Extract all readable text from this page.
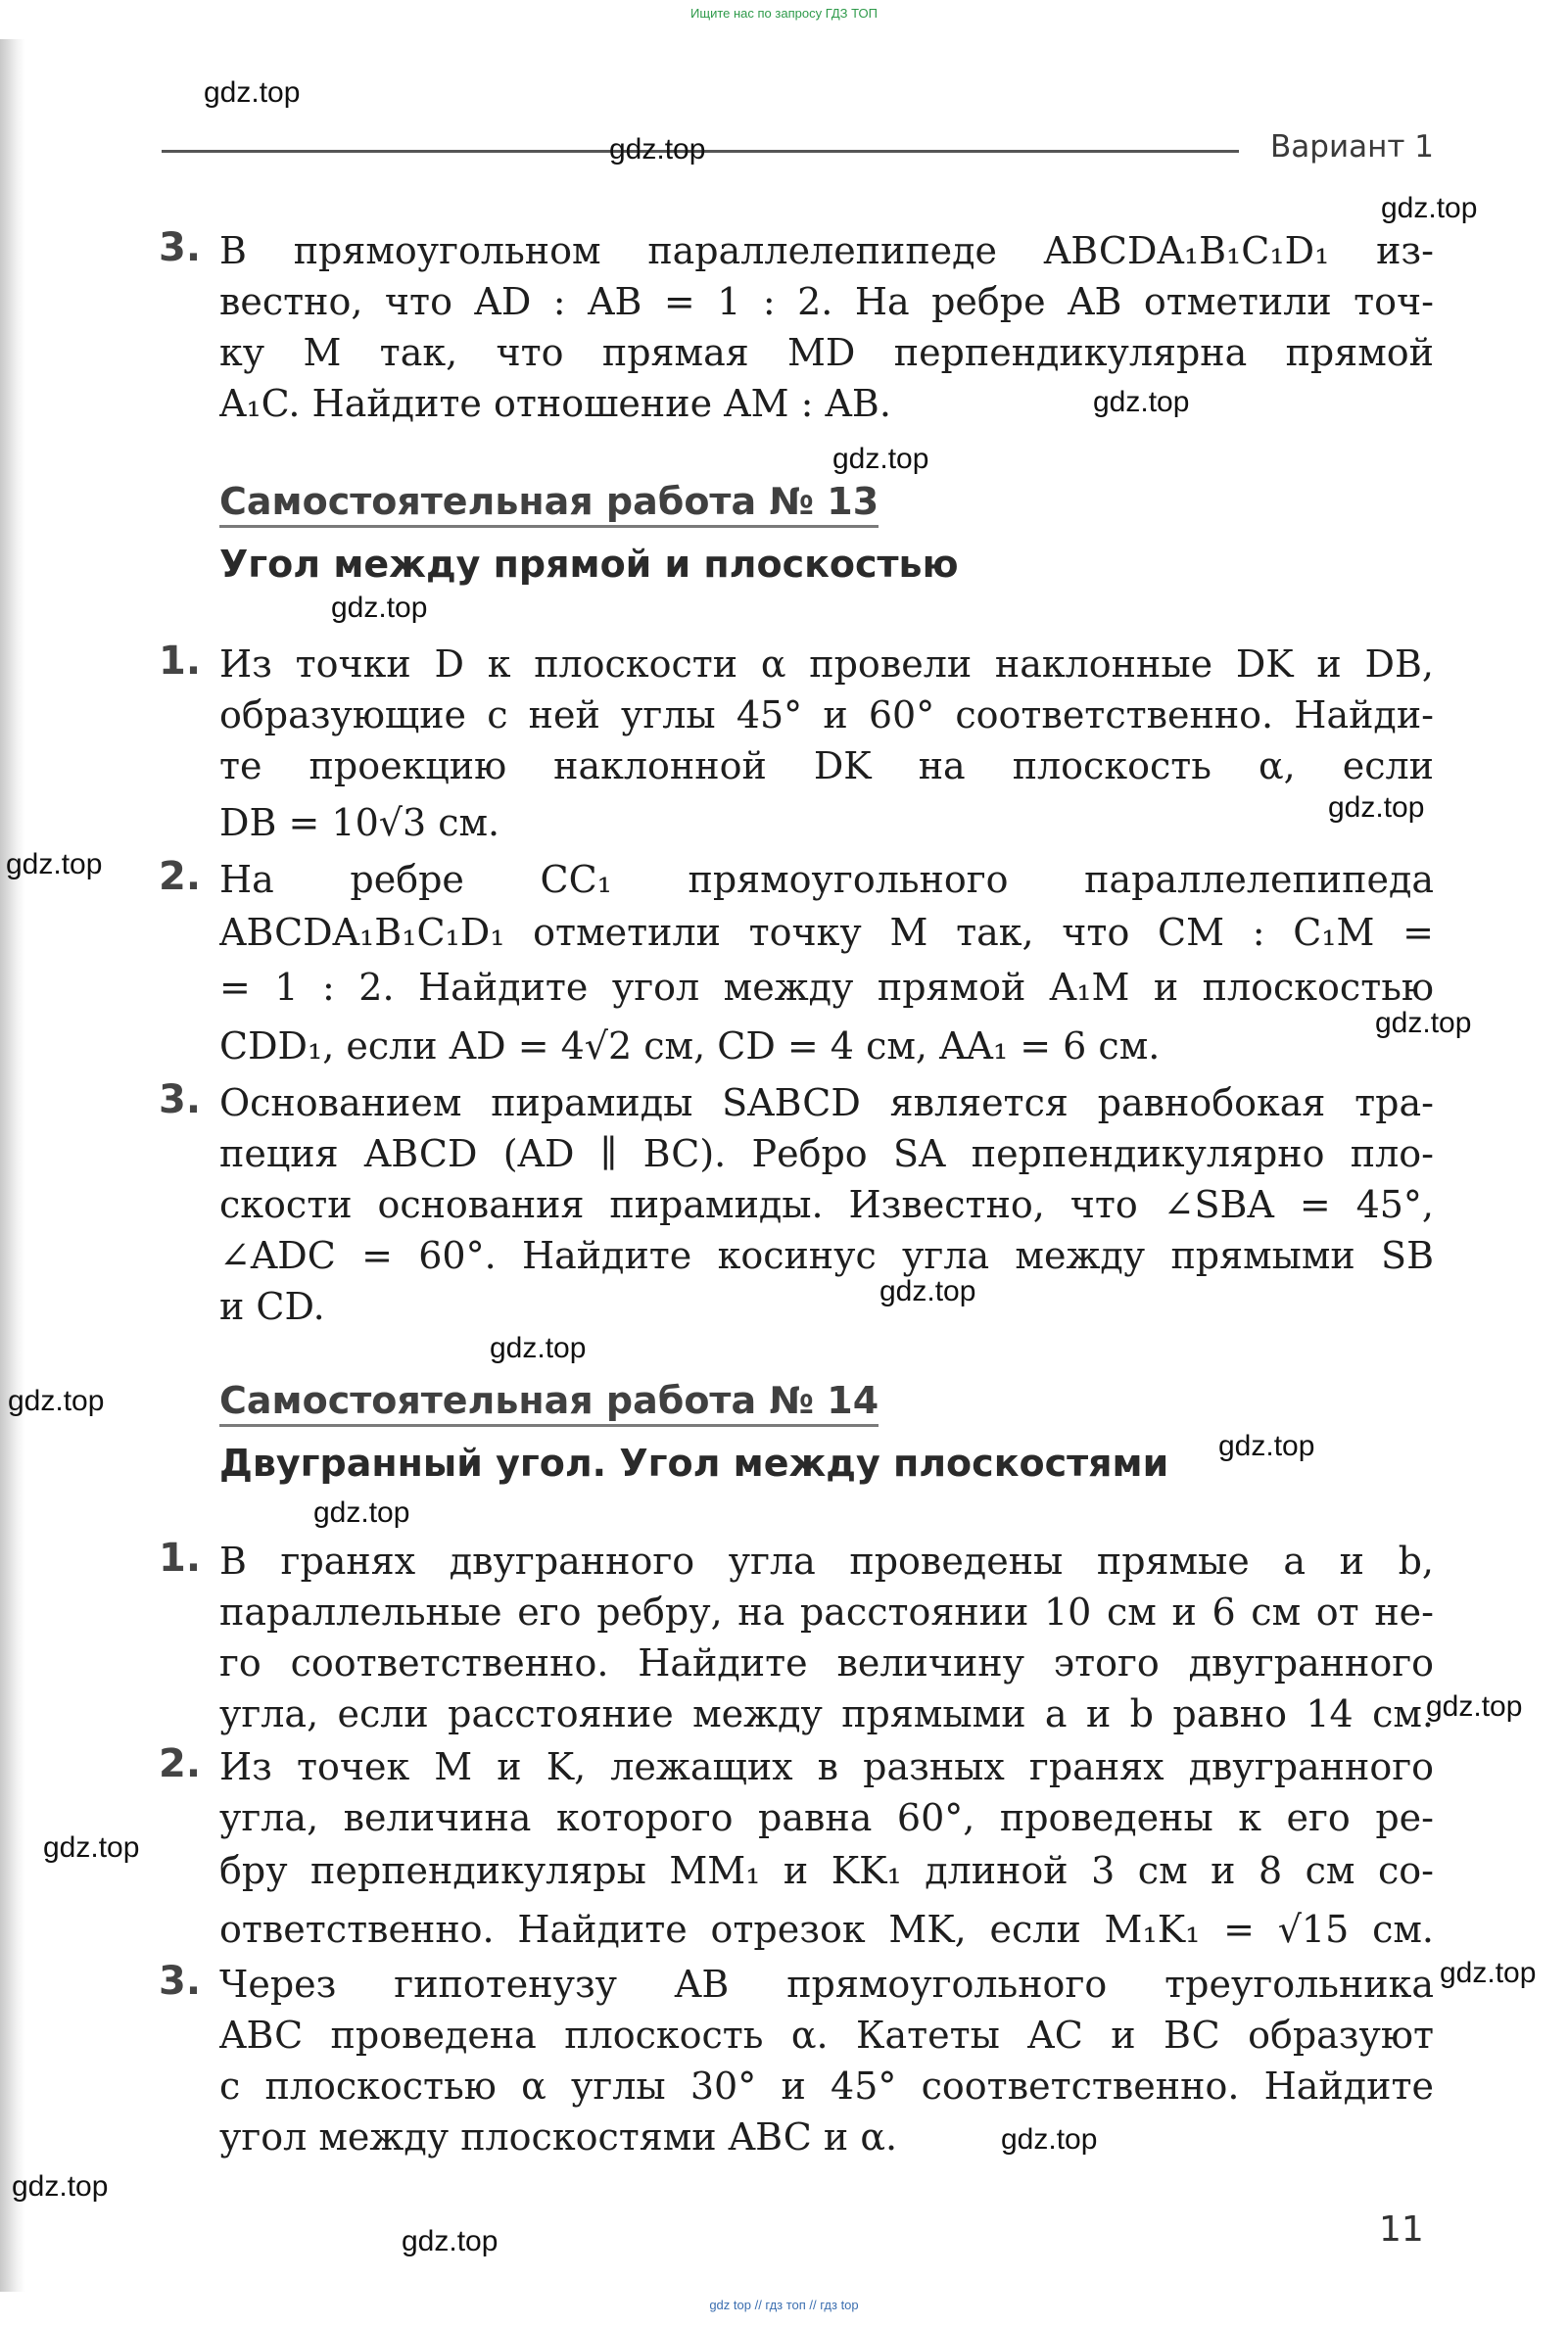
Ищите нас по запросу ГДЗ ТОП
Вариант 1
3. В прямоугольном параллелепипеде ABCDA₁B₁C₁D₁ из-
вестно, что AD : AB = 1 : 2. На ребре AB отметили точ-
ку M так, что прямая MD перпендикулярна прямой
A₁C. Найдите отношение AM : AB.
Самостоятельная работа № 13
Угол между прямой и плоскостью
1. Из точки D к плоскости α провели наклонные DK и DB,
образующие с ней углы 45° и 60° соответственно. Найди-
те проекцию наклонной DK на плоскость α, если
DB = 10√3 см.
2. На ребре CC₁ прямоугольного параллелепипеда
ABCDA₁B₁C₁D₁ отметили точку M так, что CM : C₁M =
= 1 : 2. Найдите угол между прямой A₁M и плоскостью
CDD₁, если AD = 4√2 см, CD = 4 см, AA₁ = 6 см.
3. Основанием пирамиды SABCD является равнобокая тра-
пеция ABCD (AD ∥ BC). Ребро SA перпендикулярно пло-
скости основания пирамиды. Известно, что ∠SBA = 45°,
∠ADC = 60°. Найдите косинус угла между прямыми SB
и CD.
Самостоятельная работа № 14
Двугранный угол. Угол между плоскостями
1. В гранях двугранного угла проведены прямые a и b,
параллельные его ребру, на расстоянии 10 см и 6 см от не-
го соответственно. Найдите величину этого двугранного
угла, если расстояние между прямыми a и b равно 14 см.
2. Из точек M и K, лежащих в разных гранях двугранного
угла, величина которого равна 60°, проведены к его ре-
бру перпендикуляры MM₁ и KK₁ длиной 3 см и 8 см со-
ответственно. Найдите отрезок MK, если M₁K₁ = √15 см.
3. Через гипотенузу AB прямоугольного треугольника
ABC проведена плоскость α. Катеты AC и BC образуют
с плоскостью α углы 30° и 45° соответственно. Найдите
угол между плоскостями ABC и α.
11
gdz.top
gdz.top
gdz.top
gdz.top
gdz.top
gdz.top
gdz.top
gdz.top
gdz.top
gdz.top
gdz.top
gdz.top
gdz.top
gdz.top
gdz.top
gdz.top
gdz.top
gdz.top
gdz.top
gdz.top
gdz top // гдз топ // гдз top
